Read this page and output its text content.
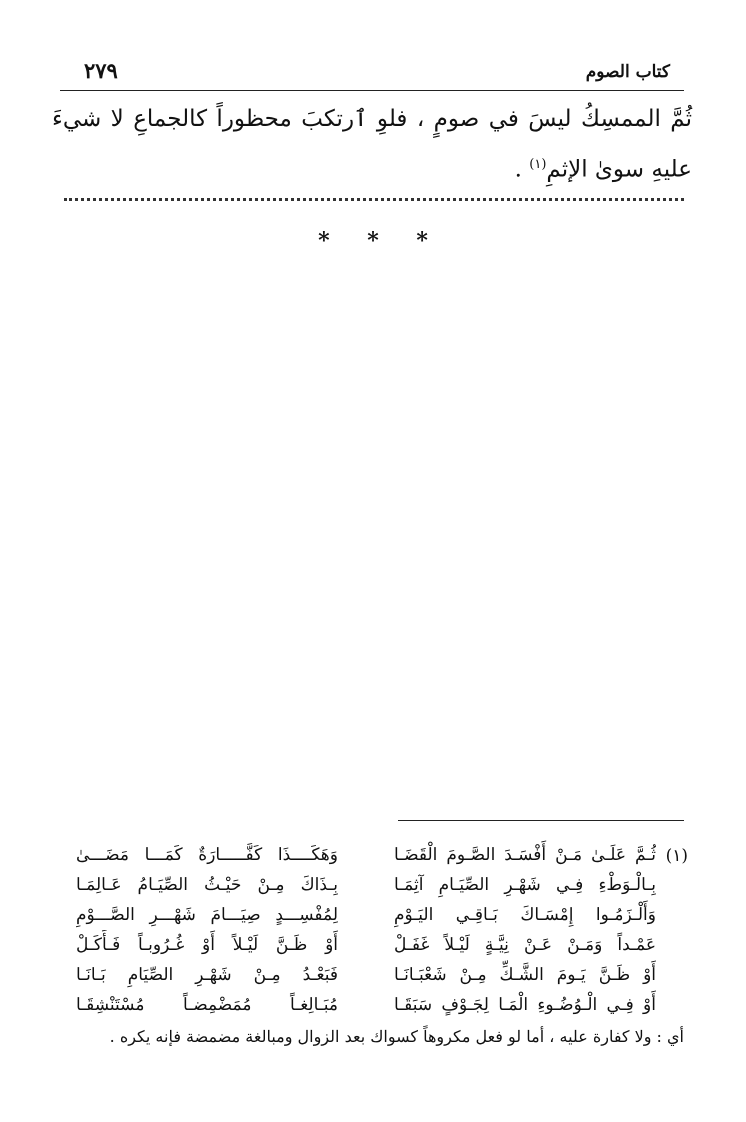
كتاب الصوم
٢٧٩
ثُمَّ الممسِكُ ليسَ في صومٍ ، فلوِ ٱرتكبَ محظوراً كالجماعِ لا شيءَ عليهِ سوىٰ الإثمِ$^{(١)}$ .
* * *
(١)
ثُـمَّ عَلَـىٰ مَـنْ أَفْسَـدَ الصَّـومَ الْقَضَـا
وَهَكَــــذَا كَفَّـــــارَةٌ كَمَـــا مَضَـــىٰ
بِـالْـوَطْءِ فِـي شَهْـرِ الصِّيَـامِ آثِمَـا
بِـذَاكَ مِـنْ حَيْـثُ الصِّيَـامُ عَـالِمَـا
وَأَلْـزَمُـوا إِمْسَـاكَ بَـاقِـي اليَـوْمِ
لِمُفْسِـــدٍ صِيَـــامَ شَهْـــرِ الصَّـــوْمِ
عَمْـداً وَمَـنْ عَـنْ نِيَّـةٍ لَيْـلاً غَفَـلْ
أَوْ ظَـنَّ لَيْـلاً أَوْ غُـرُوبـاً فَـأَكَـلْ
أَوْ ظَـنَّ يَـومَ الشَّـكِّ مِـنْ شَعْبَـانَـا
فَبَعْـدُ مِـنْ شَهْـرِ الصِّيَامِ بَـانَـا
أَوْ فِـي الْـوُضُـوءِ الْمَـا لِجَـوْفٍ سَبَقَـا
مُبَـالِغـاً مُمَضْمِضـاً مُسْتَنْشِقَـا
أي : ولا كفارة عليه ، أما لو فعل مكروهاً كسواك بعد الزوال ومبالغة مضمضة فإنه يكره .
